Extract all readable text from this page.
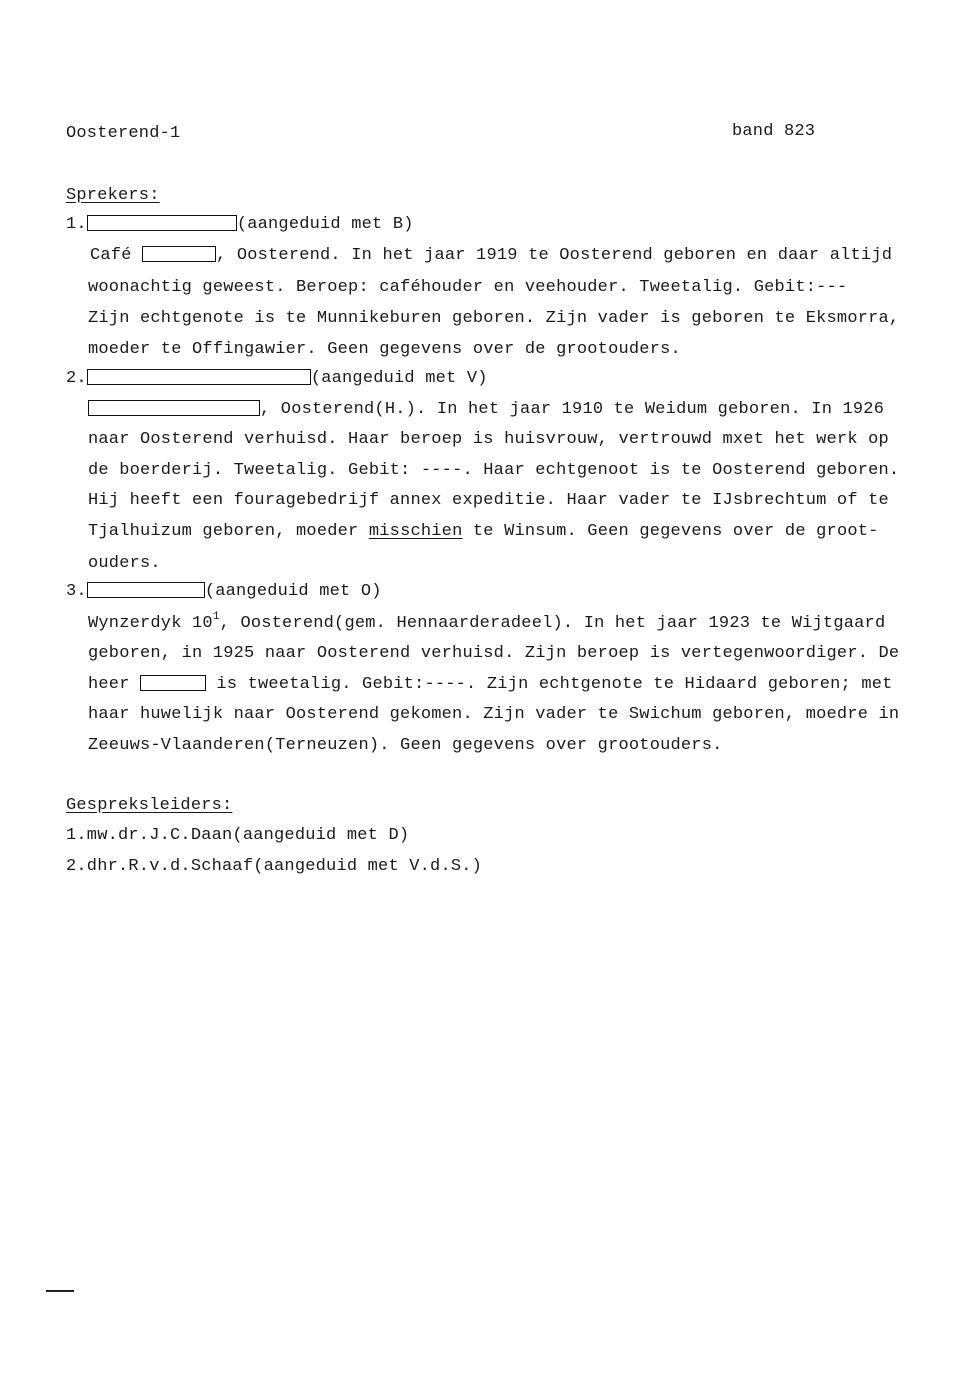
Oosterend-1	band 823
Sprekers:
1.	(aangeduid met B)
Café	, Oosterend. In het jaar 1919 te Oosterend geboren en daar altijd
woonachtig geweest. Beroep: caféhouder en veehouder. Tweetalig. Gebit:---
Zijn echtgenote is te Munnikeburen geboren. Zijn vader is geboren te Eksmorra,
moeder te Offingawier. Geen gegevens over de grootouders.
2.	(aangeduid met V)
, Oosterend(H.). In het jaar 1910 te Weidum geboren. In 1926
naar Oosterend verhuisd. Haar beroep is huisvrouw, vertrouwd mxet het werk op
de boerderij. Tweetalig. Gebit: ----. Haar echtgenoot is te Oosterend geboren.
Hij heeft een fouragebedrijf annex expeditie. Haar vader te IJsbrechtum of te
Tjalhuizum geboren, moeder misschien te Winsum. Geen gegevens over de groot-
ouders.
3.	(aangeduid met O)
Wynzerdyk $10^1$, Oosterend(gem. Hennaarderadeel). In het jaar 1923 te Wijtgaard
geboren, in 1925 naar Oosterend verhuisd. Zijn beroep is vertegenwoordiger. De
heer	is tweetalig. Gebit:----. Zijn echtgenote te Hidaard geboren; met
haar huwelijk naar Oosterend gekomen. Zijn vader te Swichum geboren, moedre in
Zeeuws-Vlaanderen(Terneuzen). Geen gegevens over grootouders.
Gespreksleiders:
1.mw.dr.J.C.Daan(aangeduid met D)
2.dhr.R.v.d.Schaaf(aangeduid met V.d.S.)
